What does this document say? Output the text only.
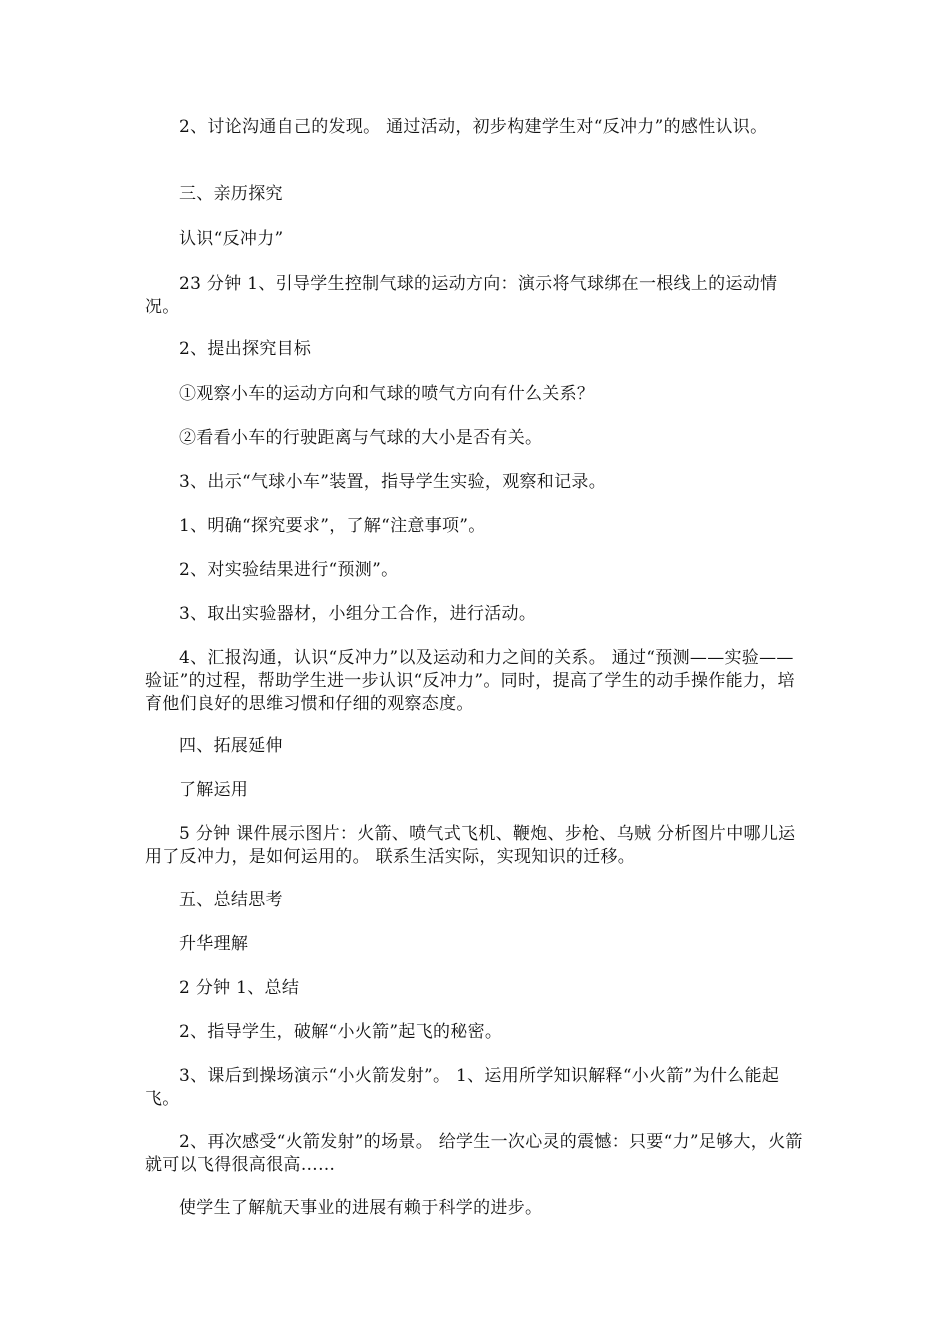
2、讨论沟通自己的发现。 通过活动，初步构建学生对“反冲力”的感性认识。

三、亲历探究

认识“反冲力”

23 分钟 1、引导学生控制气球的运动方向：演示将气球绑在一根线上的运动情况。

2、提出探究目标

①观察小车的运动方向和气球的喷气方向有什么关系？

②看看小车的行驶距离与气球的大小是否有关。

3、出示“气球小车”装置，指导学生实验，观察和记录。

1、明确“探究要求”，了解“注意事项”。

2、对实验结果进行“预测”。

3、取出实验器材，小组分工合作，进行活动。

4、汇报沟通，认识“反冲力”以及运动和力之间的关系。 通过“预测——实验——验证”的过程，帮助学生进一步认识“反冲力”。同时，提高了学生的动手操作能力，培育他们良好的思维习惯和仔细的观察态度。

四、拓展延伸

了解运用

5 分钟 课件展示图片：火箭、喷气式飞机、鞭炮、步枪、乌贼 分析图片中哪儿运用了反冲力，是如何运用的。 联系生活实际，实现知识的迁移。

五、总结思考

升华理解

2 分钟 1、总结

2、指导学生，破解“小火箭”起飞的秘密。

3、课后到操场演示“小火箭发射”。 1、运用所学知识解释“小火箭”为什么能起飞。

2、再次感受“火箭发射”的场景。 给学生一次心灵的震憾：只要“力”足够大，火箭就可以飞得很高很高……

使学生了解航天事业的进展有赖于科学的进步。
